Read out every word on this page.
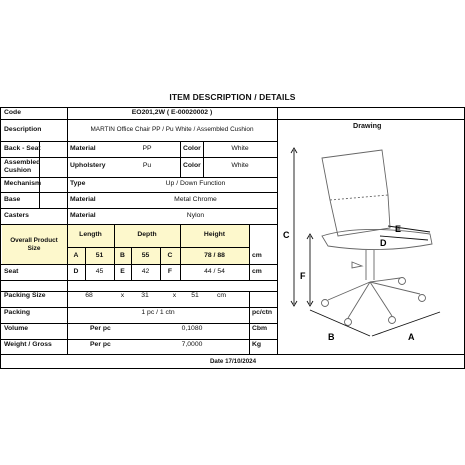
ITEM DESCRIPTION / DETAILS
Code	EO201,2W ( E-00020002 )
Description	MARTIN Office Chair PP / Pu White / Assembled Cushion
Back - Seat	Material	PP	Color	White
Assembled Cushion
Upholstery	Pu	Color	White
Mechanism	Type	Up / Down Function
Base	Material	Metal Chrome
Casters	Material	Nylon
Overall Product Size
Length	Depth	Height
A	51	B	55	C	78 / 88	cm
Seat	D	45	E	42	F	44 / 54	cm
Packing Size	68	x	31	x	51	cm
Packing	1 pc / 1 ctn	pc/ctn
Volume	Per pc	0,1080	Cbm
Weight / Gross	Per pc	7,0000	Kg
Date 17/10/2024
Drawing
C
F
D
E
B	A
